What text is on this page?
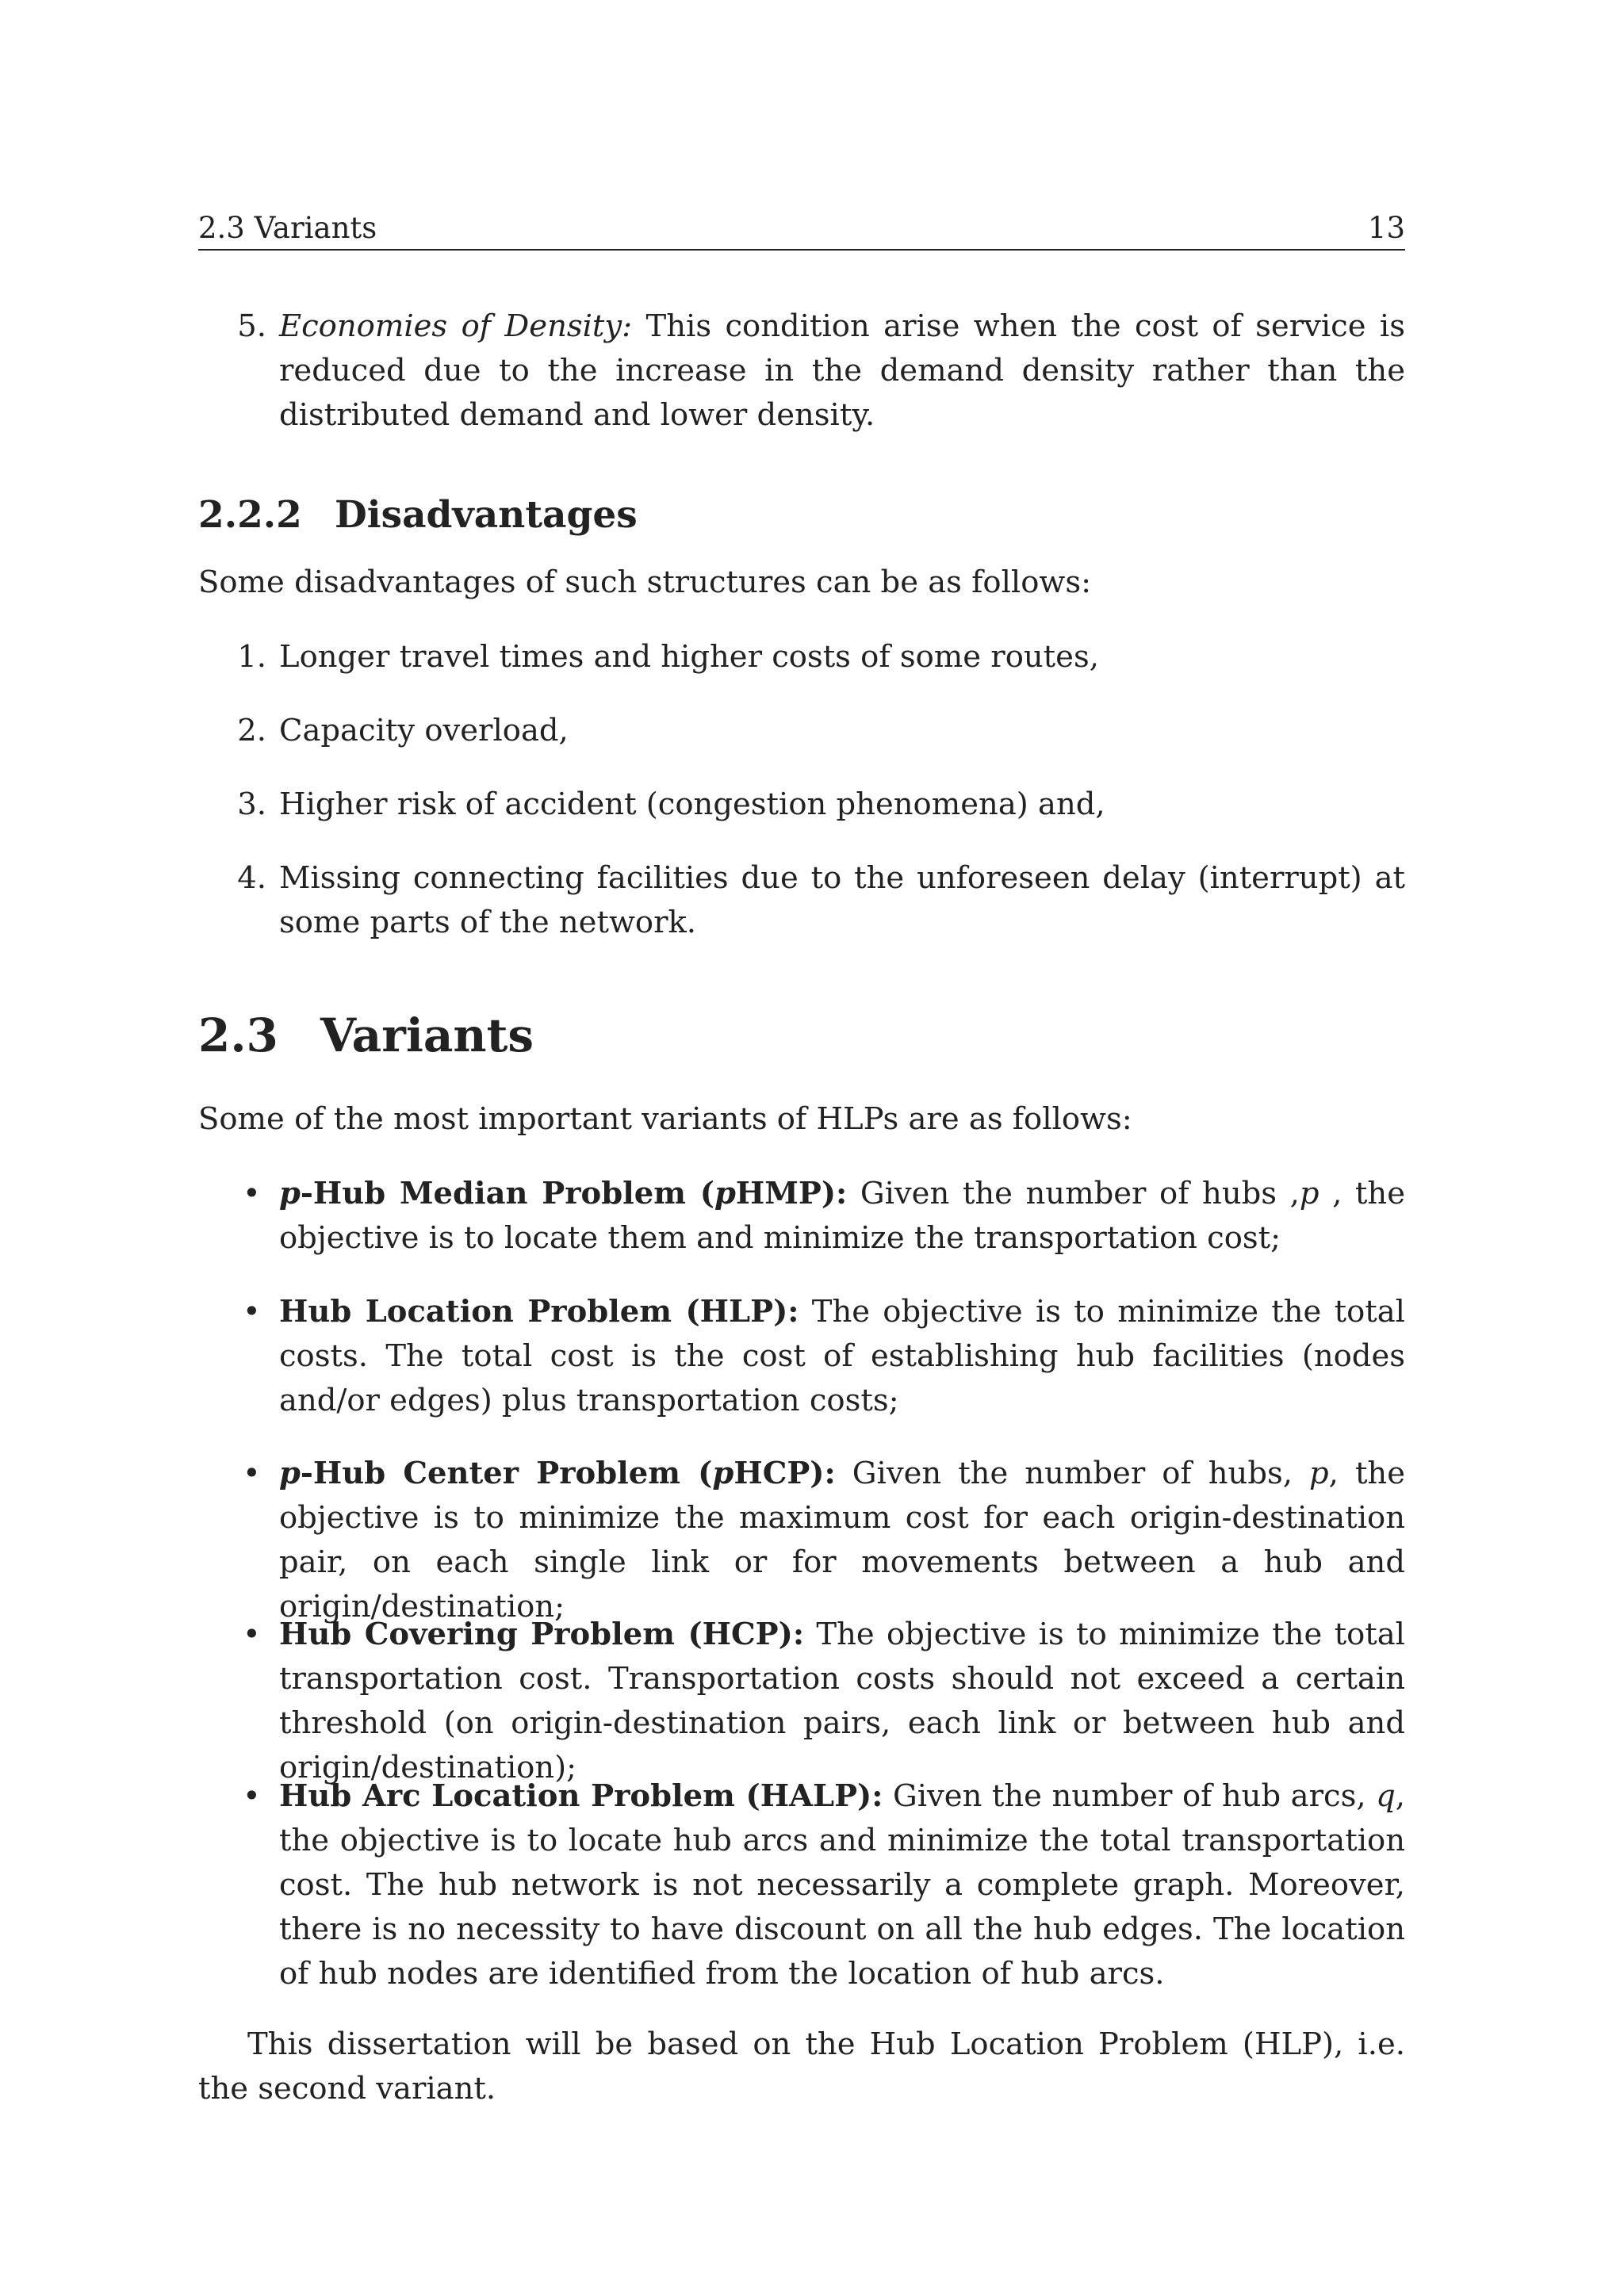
2.3 Variants	13
5. Economies of Density: This condition arise when the cost of service is reduced due to the increase in the demand density rather than the distributed demand and lower density.
2.2.2 Disadvantages
Some disadvantages of such structures can be as follows:
1. Longer travel times and higher costs of some routes,
2. Capacity overload,
3. Higher risk of accident (congestion phenomena) and,
4. Missing connecting facilities due to the unforeseen delay (interrupt) at some parts of the network.
2.3 Variants
Some of the most important variants of HLPs are as follows:
• p-Hub Median Problem (pHMP): Given the number of hubs ,p , the objective is to locate them and minimize the transportation cost;
• Hub Location Problem (HLP): The objective is to minimize the total costs. The total cost is the cost of establishing hub facilities (nodes and/or edges) plus transportation costs;
• p-Hub Center Problem (pHCP): Given the number of hubs, p, the objective is to minimize the maximum cost for each origin-destination pair, on each single link or for movements between a hub and origin/destination;
• Hub Covering Problem (HCP): The objective is to minimize the total transportation cost. Transportation costs should not exceed a certain threshold (on origin-destination pairs, each link or between hub and origin/destination);
• Hub Arc Location Problem (HALP): Given the number of hub arcs, q, the objective is to locate hub arcs and minimize the total transportation cost. The hub network is not necessarily a complete graph. Moreover, there is no necessity to have discount on all the hub edges. The location of hub nodes are identified from the location of hub arcs.
This dissertation will be based on the Hub Location Problem (HLP), i.e. the second variant.
